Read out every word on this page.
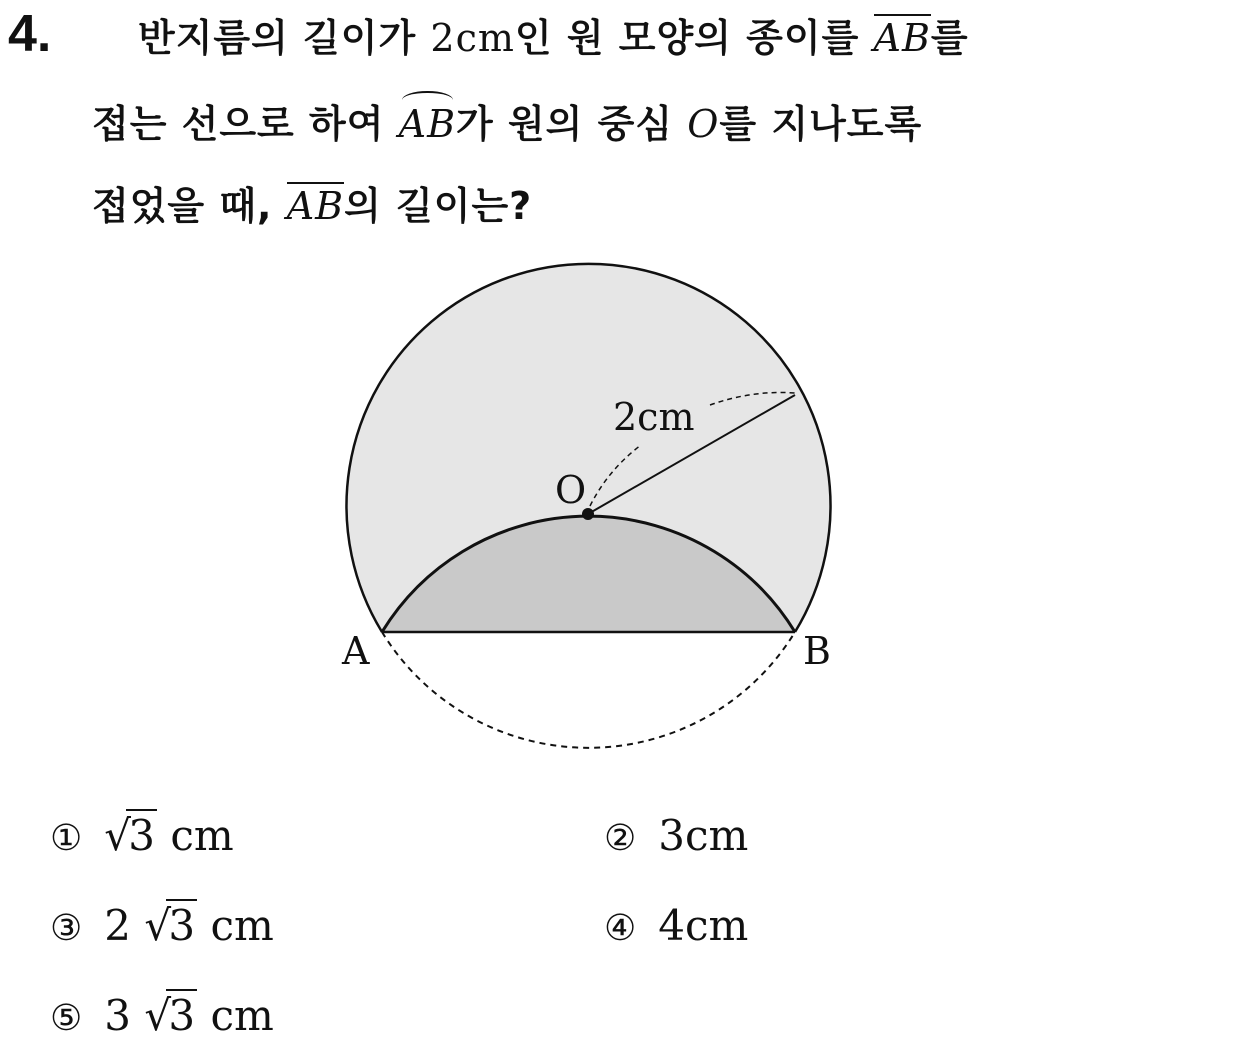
4. 반지름의 길이가 2cm인 원 모양의 종이를 AB를
접는 선으로 하여 AB가 원의 중심 O를 지나도록
접었을 때, AB의 길이는?
2cm
O
A	B
① √
3 cm	② 3cm
③ 2 √
3 cm	④ 4cm
⑤ 3 √
3 cm
